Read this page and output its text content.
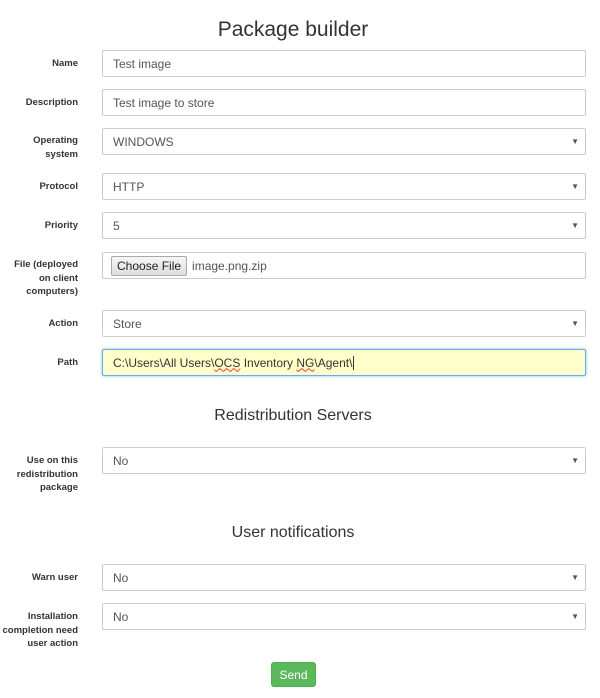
Package builder
Name	Test image
Description	Test image to store
Operating
system
WINDOWS	▼
Protocol	HTTP	▼
Priority	5	▼
File (deployed
on client
computers)
Choose File image.png.zip
Action	Store	▼
Path	C:\Users\All Users\OCS Inventory NG\Agent\
Redistribution Servers
Use on this
redistribution
package
No	▼
User notifications
Warn user	No	▼
Installation
completion need
user action
No	▼
Send
